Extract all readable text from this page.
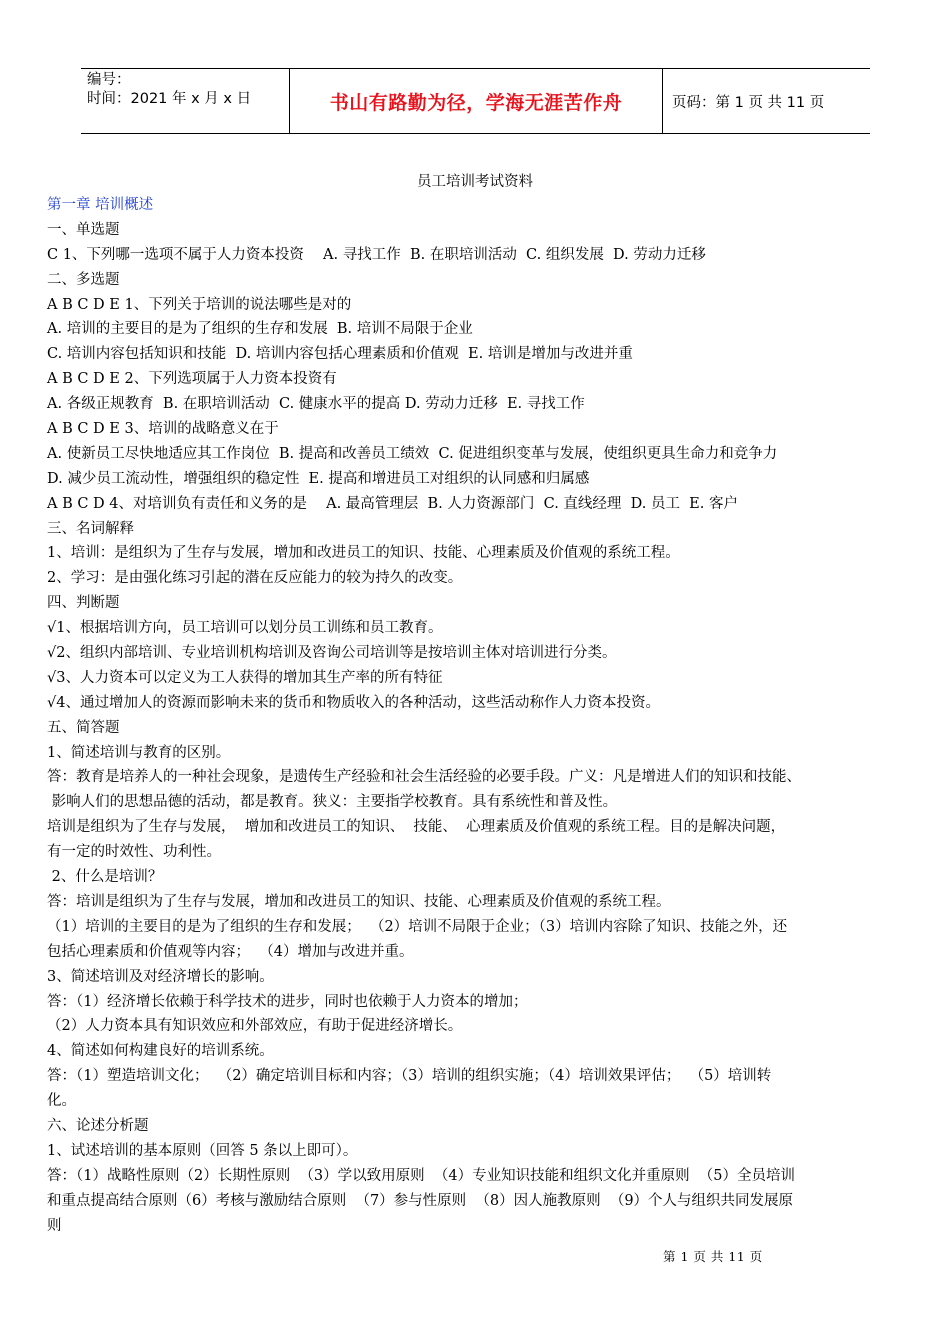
编号：
时间：2021 年 x 月 x 日	书山有路勤为径，学海无涯苦作舟	页码：第 1 页 共 11 页
员工培训考试资料
第一章 培训概述
一、单选题
C 1、下列哪一选项不属于人力资本投资　 A. 寻找工作  B. 在职培训活动  C. 组织发展  D. 劳动力迁移
二、多选题
A B C D E 1、下列关于培训的说法哪些是对的
A. 培训的主要目的是为了组织的生存和发展  B. 培训不局限于企业
C. 培训内容包括知识和技能  D. 培训内容包括心理素质和价值观  E. 培训是增加与改进并重
A B C D E 2、下列选项属于人力资本投资有
A. 各级正规教育  B. 在职培训活动  C. 健康水平的提高 D. 劳动力迁移  E. 寻找工作
A B C D E 3、培训的战略意义在于
A. 使新员工尽快地适应其工作岗位  B. 提高和改善员工绩效  C. 促进组织变革与发展，使组织更具生命力和竞争力
D. 减少员工流动性，增强组织的稳定性  E. 提高和增进员工对组织的认同感和归属感
A B C D 4、对培训负有责任和义务的是　 A. 最高管理层  B. 人力资源部门  C. 直线经理  D. 员工  E. 客户
三、名词解释
1、培训：是组织为了生存与发展，增加和改进员工的知识、技能、心理素质及价值观的系统工程。
2、学习：是由强化练习引起的潜在反应能力的较为持久的改变。
四、判断题
√1、根据培训方向，员工培训可以划分员工训练和员工教育。
√2、组织内部培训、专业培训机构培训及咨询公司培训等是按培训主体对培训进行分类。
√3、人力资本可以定义为工人获得的增加其生产率的所有特征
√4、通过增加人的资源而影响未来的货币和物质收入的各种活动，这些活动称作人力资本投资。
五、简答题
1、简述培训与教育的区别。
答：教育是培养人的一种社会现象，是遗传生产经验和社会生活经验的必要手段。广义：凡是增进人们的知识和技能、
影响人们的思想品德的活动，都是教育。狭义：主要指学校教育。具有系统性和普及性。
培训是组织为了生存与发展，  增加和改进员工的知识、  技能、  心理素质及价值观的系统工程。目的是解决问题，
有一定的时效性、功利性。
2、什么是培训？
答：培训是组织为了生存与发展，增加和改进员工的知识、技能、心理素质及价值观的系统工程。
（1）培训的主要目的是为了组织的生存和发展；  （2）培训不局限于企业；（3）培训内容除了知识、技能之外，还
包括心理素质和价值观等内容；  （4）增加与改进并重。
3、简述培训及对经济增长的影响。
答：（1）经济增长依赖于科学技术的进步，同时也依赖于人力资本的增加；
（2）人力资本具有知识效应和外部效应，有助于促进经济增长。
4、简述如何构建良好的培训系统。
答：（1）塑造培训文化；  （2）确定培训目标和内容；（3）培训的组织实施；（4）培训效果评估；  （5）培训转
化。
六、论述分析题
1、试述培训的基本原则（回答 5 条以上即可）。
答：（1）战略性原则（2）长期性原则  （3）学以致用原则  （4）专业知识技能和组织文化并重原则  （5）全员培训
和重点提高结合原则（6）考核与激励结合原则  （7）参与性原则  （8）因人施教原则  （9）个人与组织共同发展原
则
第 1 页 共 11 页
